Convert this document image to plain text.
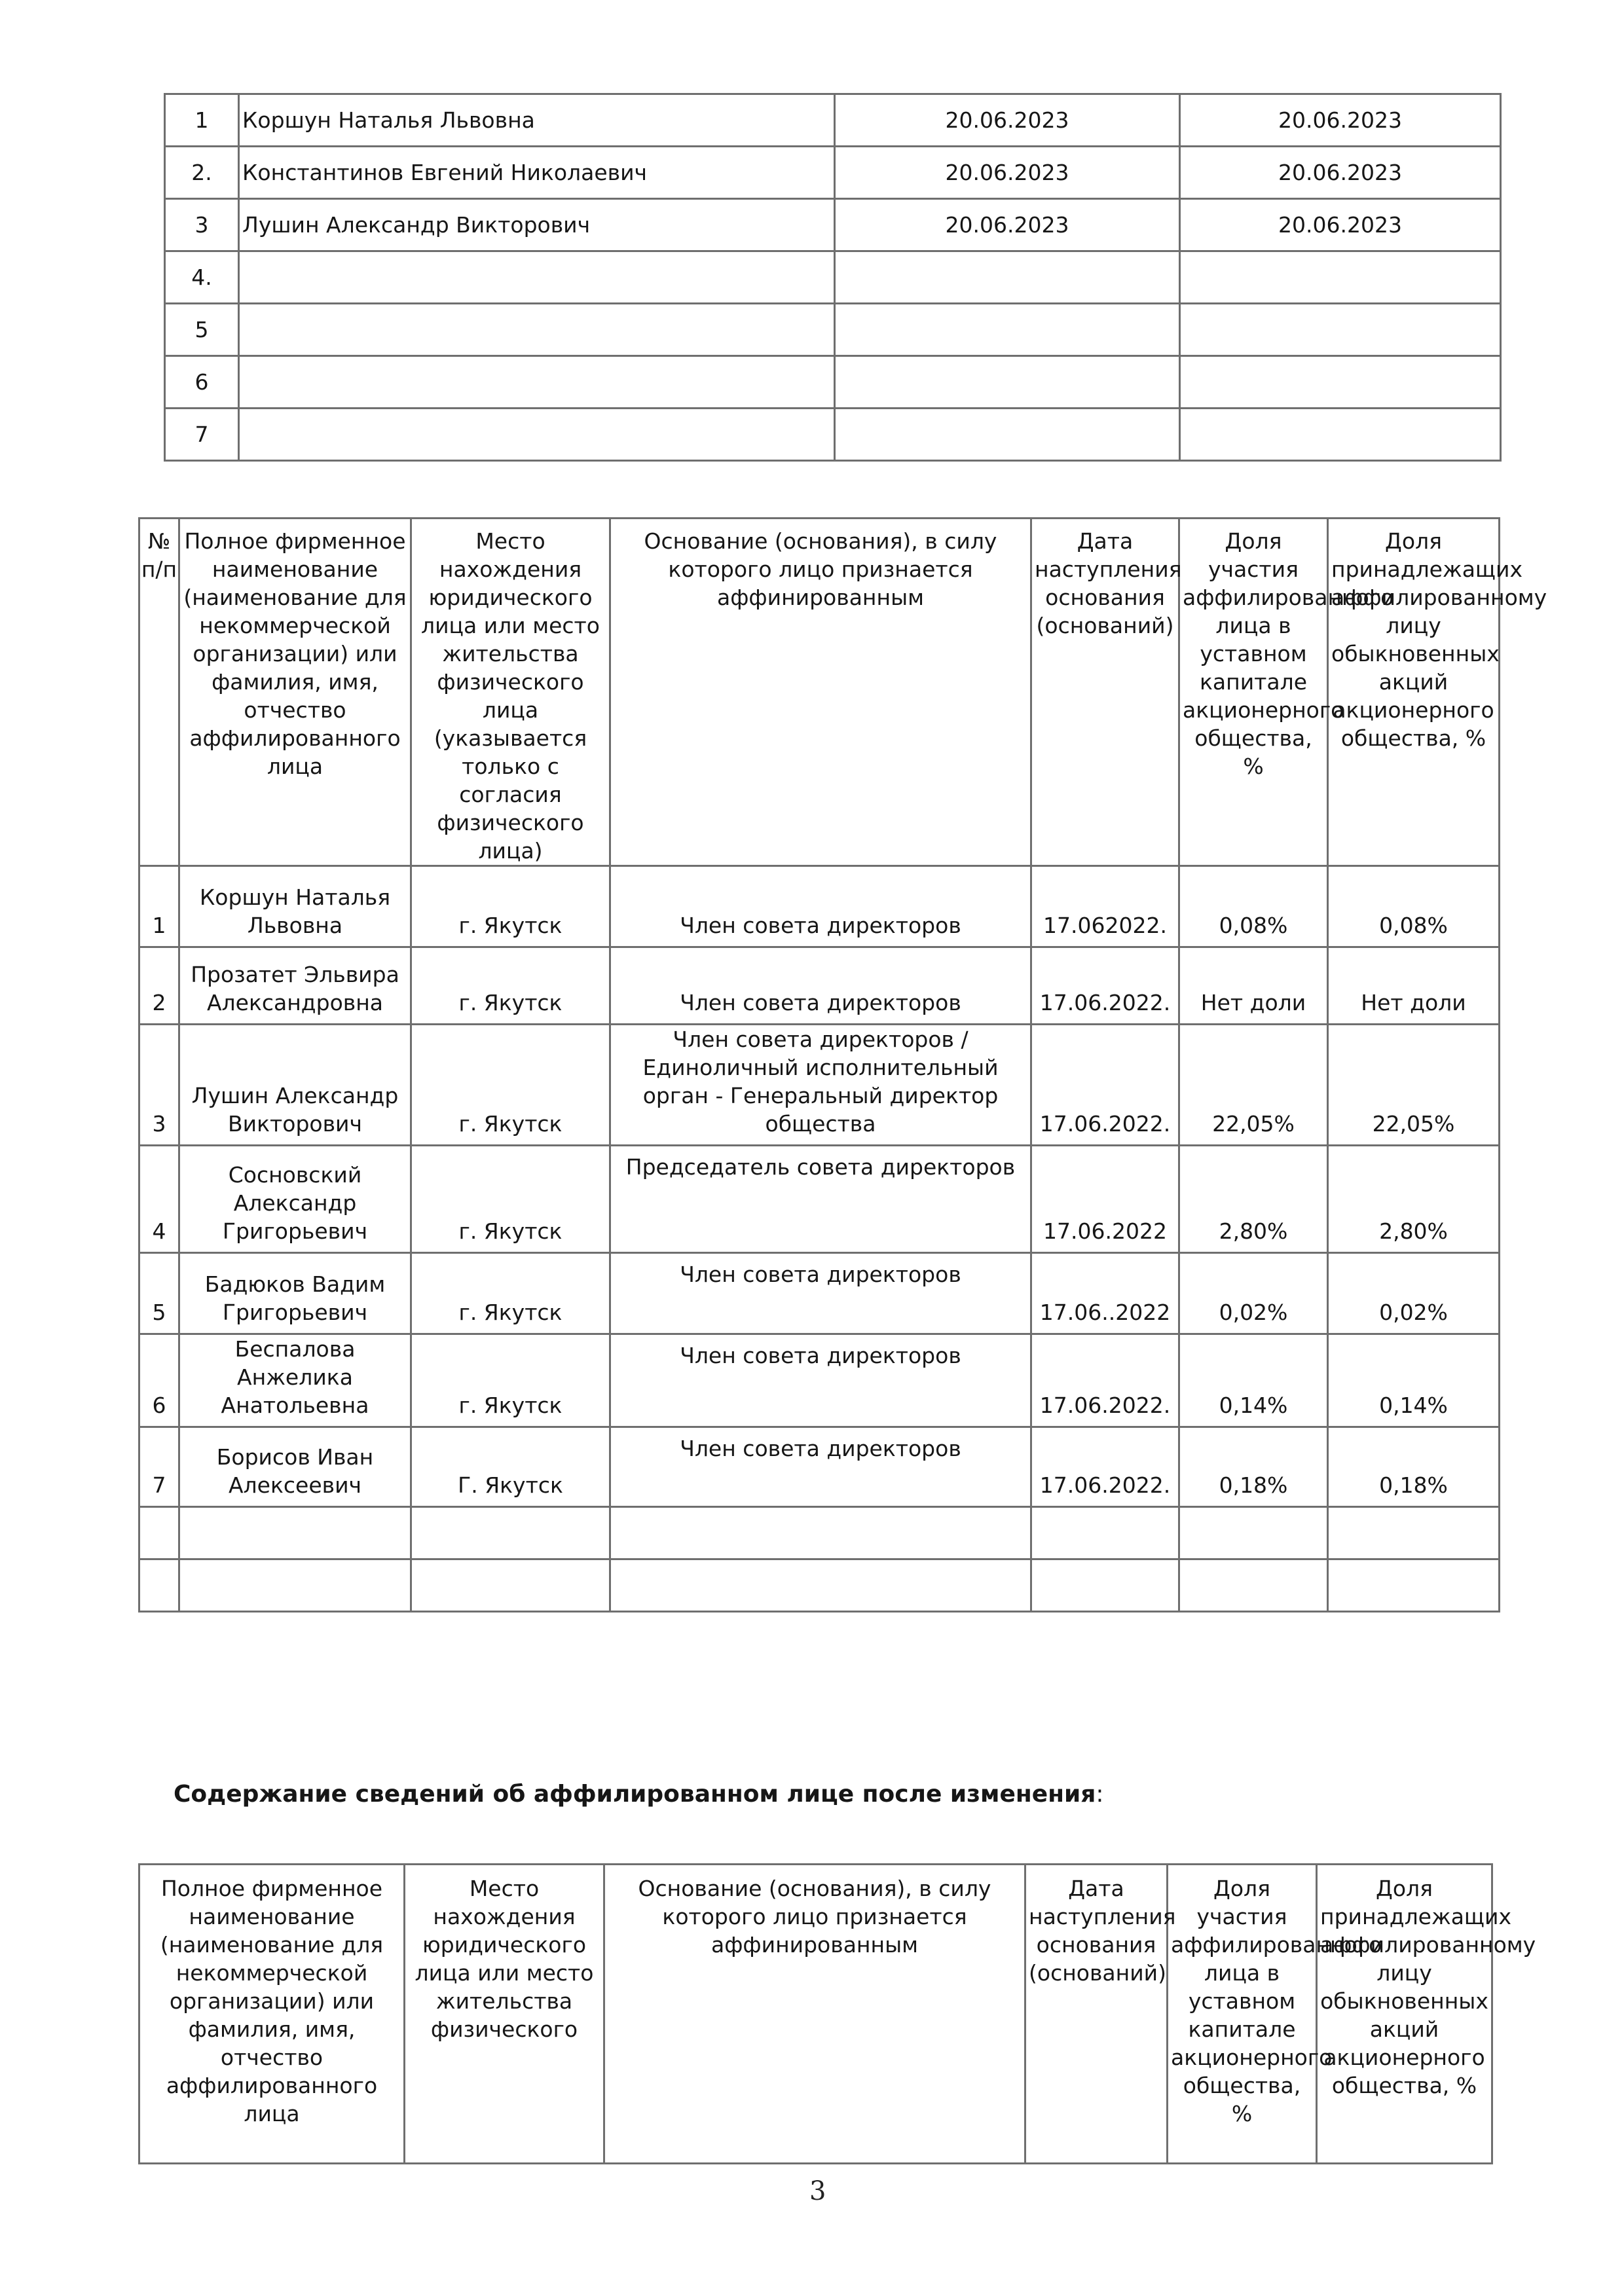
1	Коршун Наталья Львовна	20.06.2023	20.06.2023
2.	Константинов Евгений Николаевич	20.06.2023	20.06.2023
3	Лушин Александр Викторович	20.06.2023	20.06.2023
4.			
5			
6			
7			
№ п/п	Полное фирменное наименование (наименование для некоммерческой организации) или фамилия, имя, отчество аффилированного лица	Место нахождения юридического лица или место жительства физического лица (указывается только с согласия физического лица)	Основание (основания), в силу которого лицо признается аффинированным	Дата наступления основания (оснований)	Доля участия аффилированного лица в уставном капитале акционерного общества, %	Доля принадлежащих аффилированному лицу обыкновенных акций акционерного общества, %
1	Коршун Наталья Львовна	г. Якутск	Член совета директоров	17.062022.	0,08%	0,08%
2	Прозатет Эльвира Александровна	г. Якутск	Член совета директоров	17.06.2022.	Нет доли	Нет доли
3	Лушин Александр Викторович	г. Якутск	Член совета директоров / Единоличный исполнительный орган - Генеральный директор общества	17.06.2022.	22,05%	22,05%
4	Сосновский Александр Григорьевич	г. Якутск	Председатель совета директоров	17.06.2022	2,80%	2,80%
5	Бадюков Вадим Григорьевич	г. Якутск	Член совета директоров	17.06..2022	0,02%	0,02%
6	Беспалова Анжелика Анатольевна	г. Якутск	Член совета директоров	17.06.2022.	0,14%	0,14%
7	Борисов Иван Алексеевич	Г. Якутск	Член совета директоров	17.06.2022.	0,18%	0,18%

Содержание сведений об аффилированном лице после изменения:
Полное фирменное наименование (наименование для некоммерческой организации) или фамилия, имя, отчество аффилированного лица	Место нахождения юридического лица или место жительства физического	Основание (основания), в силу которого лицо признается аффинированным	Дата наступления основания (оснований)	Доля участия аффилированного лица в уставном капитале акционерного общества, %	Доля принадлежащих аффилированному лицу обыкновенных акций акционерного общества, %
3
